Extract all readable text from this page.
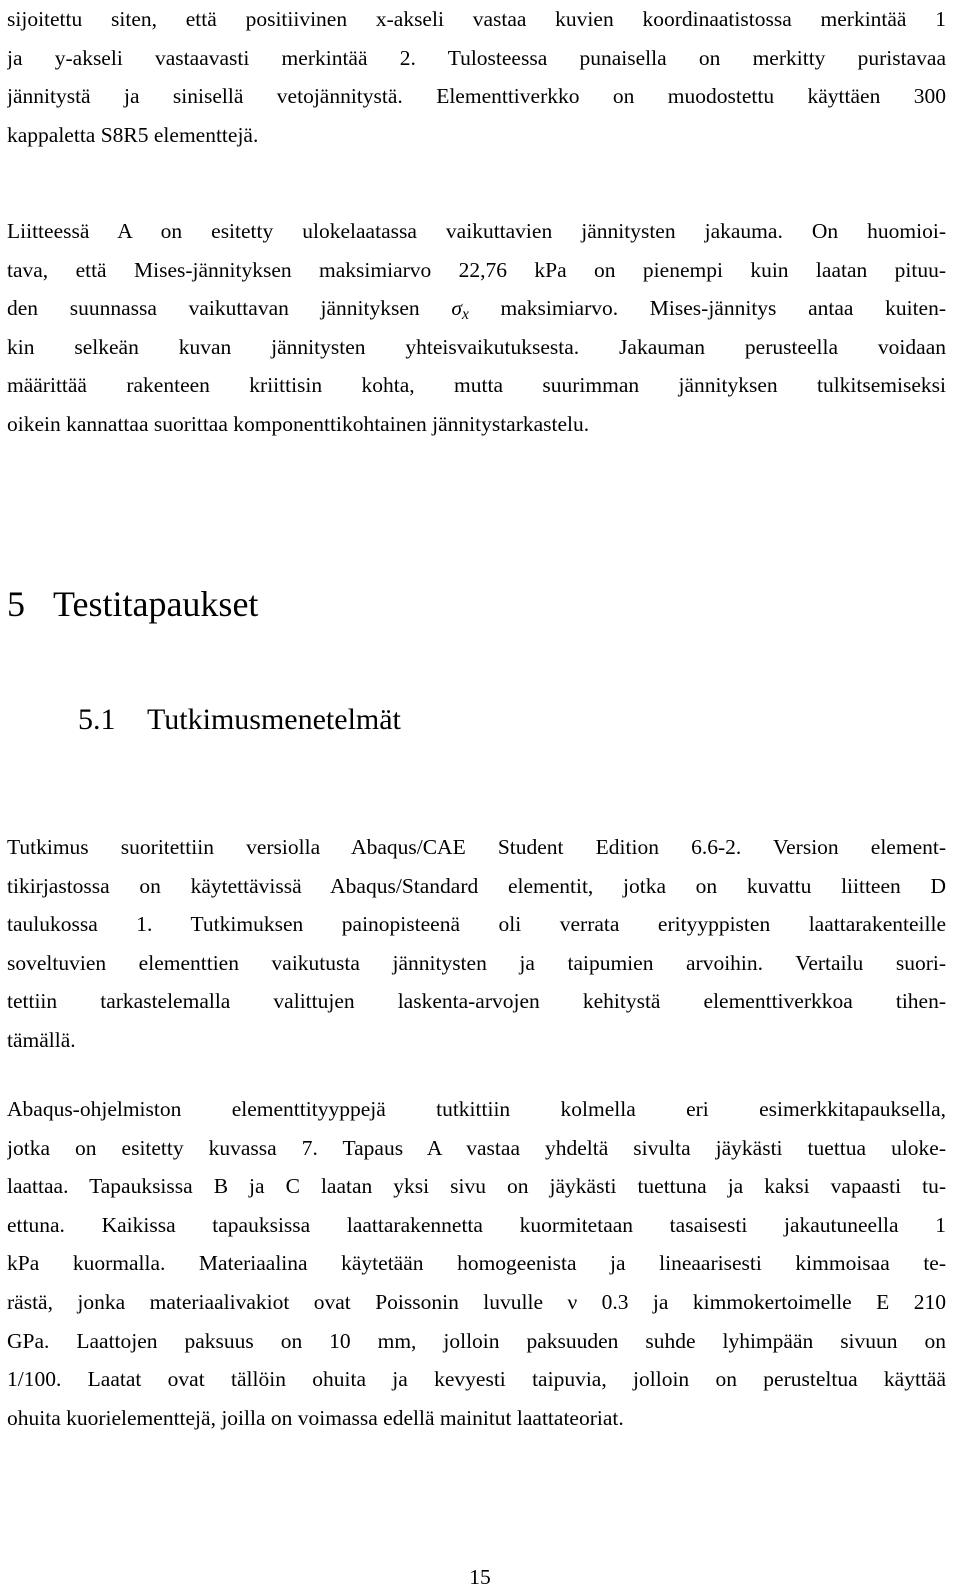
sijoitettu siten, että positiivinen x-akseli vastaa kuvien koordinaatistossa merkintää 1
ja y-akseli vastaavasti merkintää 2. Tulosteessa punaisella on merkitty puristavaa
jännitystä ja sinisellä vetojännitystä. Elementtiverkko on muodostettu käyttäen 300
kappaletta S8R5 elementtejä.

Liitteessä A on esitetty ulokelaatassa vaikuttavien jännitysten jakauma. On huomioi-
tava, että Mises-jännityksen maksimiarvo 22,76 kPa on pienempi kuin laatan pituu-
den suunnassa vaikuttavan jännityksen $\sigma_x$ maksimiarvo. Mises-jännitys antaa kuiten-
kin selkeän kuvan jännitysten yhteisvaikutuksesta. Jakauman perusteella voidaan
määrittää rakenteen kriittisin kohta, mutta suurimman jännityksen tulkitsemiseksi
oikein kannattaa suorittaa komponenttikohtainen jännitystarkastelu.

5 Testitapaukset
5.1 Tutkimusmenetelmät

Tutkimus suoritettiin versiolla Abaqus/CAE Student Edition 6.6-2. Version element-
tikirjastossa on käytettävissä Abaqus/Standard elementit, jotka on kuvattu liitteen D
taulukossa 1. Tutkimuksen painopisteenä oli verrata erityyppisten laattarakenteille
soveltuvien elementtien vaikutusta jännitysten ja taipumien arvoihin. Vertailu suori-
tettiin tarkastelemalla valittujen laskenta-arvojen kehitystä elementtiverkkoa tihen-
tämällä.

Abaqus-ohjelmiston elementtityyppejä tutkittiin kolmella eri esimerkkitapauksella,
jotka on esitetty kuvassa 7. Tapaus A vastaa yhdeltä sivulta jäykästi tuettua uloke-
laattaa. Tapauksissa B ja C laatan yksi sivu on jäykästi tuettuna ja kaksi vapaasti tu-
ettuna. Kaikissa tapauksissa laattarakennetta kuormitetaan tasaisesti jakautuneella 1
kPa kuormalla. Materiaalina käytetään homogeenista ja lineaarisesti kimmoisaa te-
rästä, jonka materiaalivakiot ovat Poissonin luvulle ν 0.3 ja kimmokertoimelle E 210
GPa. Laattojen paksuus on 10 mm, jolloin paksuuden suhde lyhimpään sivuun on
1/100. Laatat ovat tällöin ohuita ja kevyesti taipuvia, jolloin on perusteltua käyttää
ohuita kuorielementtejä, joilla on voimassa edellä mainitut laattateoriat.

15
